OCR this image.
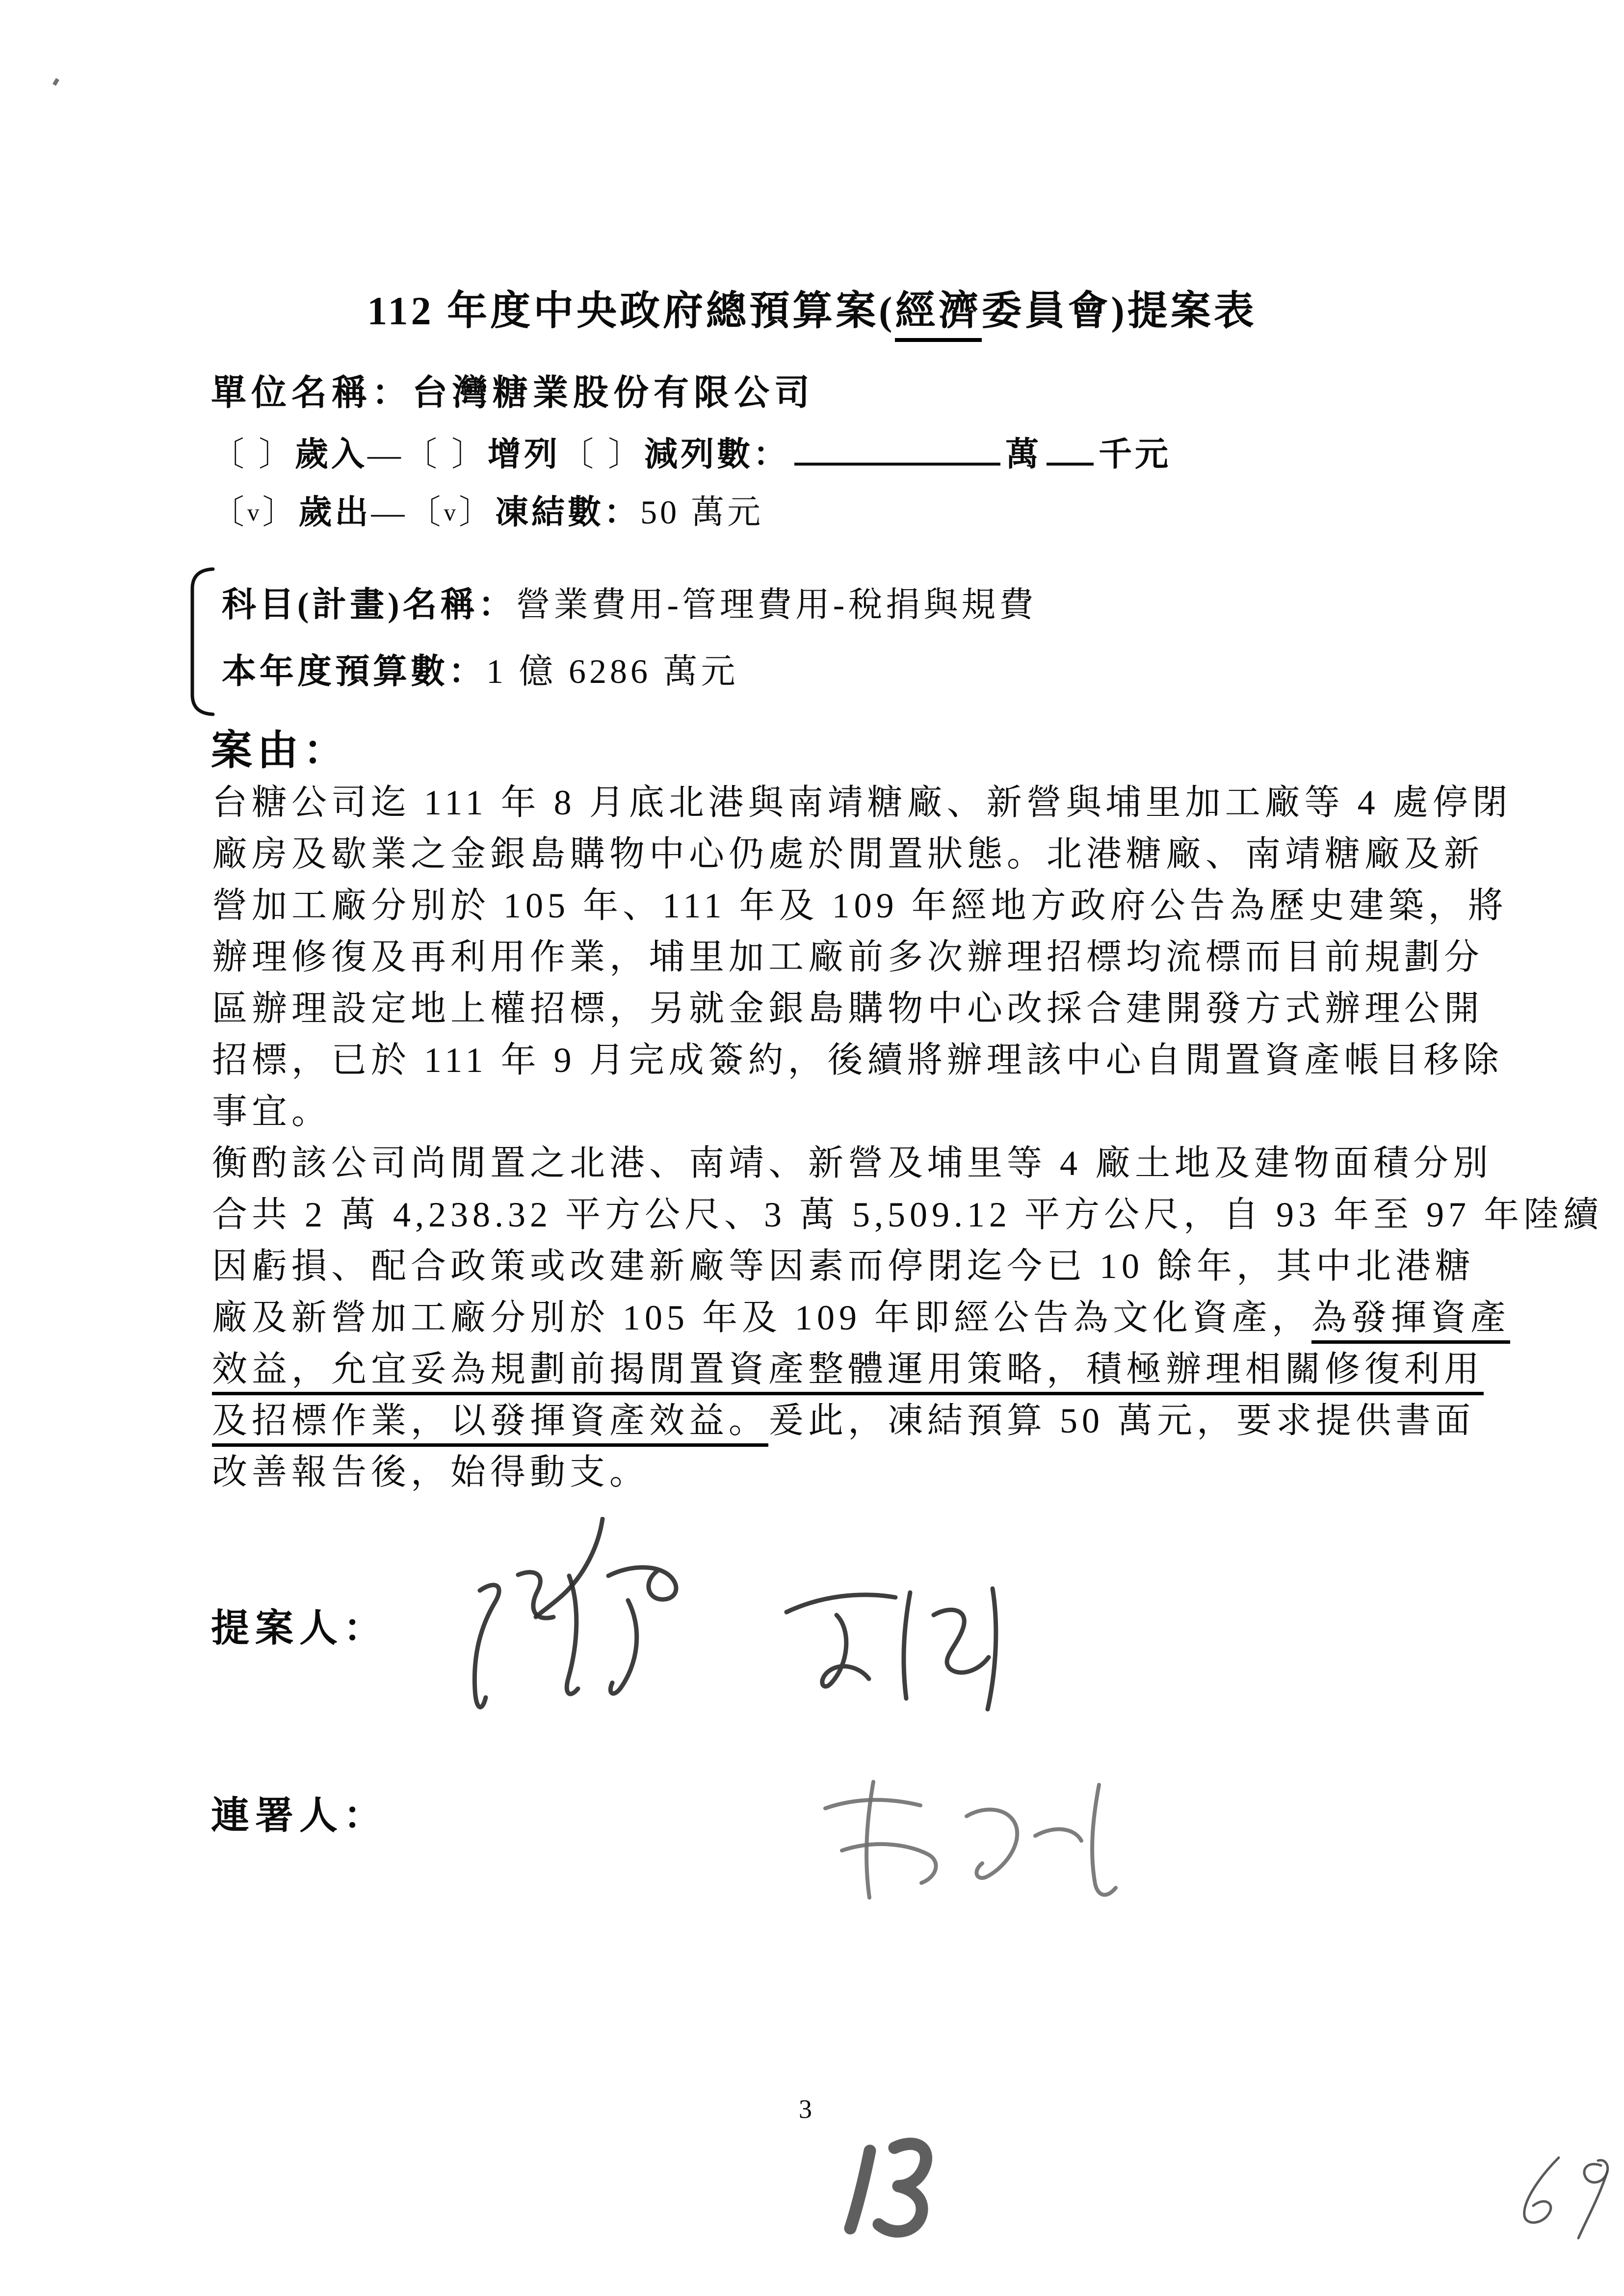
112 年度中央政府總預算案(經濟委員會)提案表
單位名稱：台灣糖業股份有限公司
〔 〕歲入—〔 〕增列〔 〕減列數：	萬 千元
〔v〕歲出—〔v〕凍結數：50 萬元
科目(計畫)名稱：營業費用-管理費用-稅捐與規費
本年度預算數：1 億 6286 萬元
案由：
台糖公司迄 111 年 8 月底北港與南靖糖廠、新營與埔里加工廠等 4 處停閉
廠房及歇業之金銀島購物中心仍處於閒置狀態。北港糖廠、南靖糖廠及新
營加工廠分別於 105 年、111 年及 109 年經地方政府公告為歷史建築，將
辦理修復及再利用作業，埔里加工廠前多次辦理招標均流標而目前規劃分
區辦理設定地上權招標，另就金銀島購物中心改採合建開發方式辦理公開
招標，已於 111 年 9 月完成簽約，後續將辦理該中心自閒置資產帳目移除
事宜。
衡酌該公司尚閒置之北港、南靖、新營及埔里等 4 廠土地及建物面積分別
合共 2 萬 4,238.32 平方公尺、3 萬 5,509.12 平方公尺，自 93 年至 97 年陸續
因虧損、配合政策或改建新廠等因素而停閉迄今已 10 餘年，其中北港糖
廠及新營加工廠分別於 105 年及 109 年即經公告為文化資產，為發揮資產
效益，允宜妥為規劃前揭閒置資產整體運用策略，積極辦理相關修復利用
及招標作業，以發揮資產效益。爰此，凍結預算 50 萬元，要求提供書面
改善報告後，始得動支。
提案人：
連署人：
3
